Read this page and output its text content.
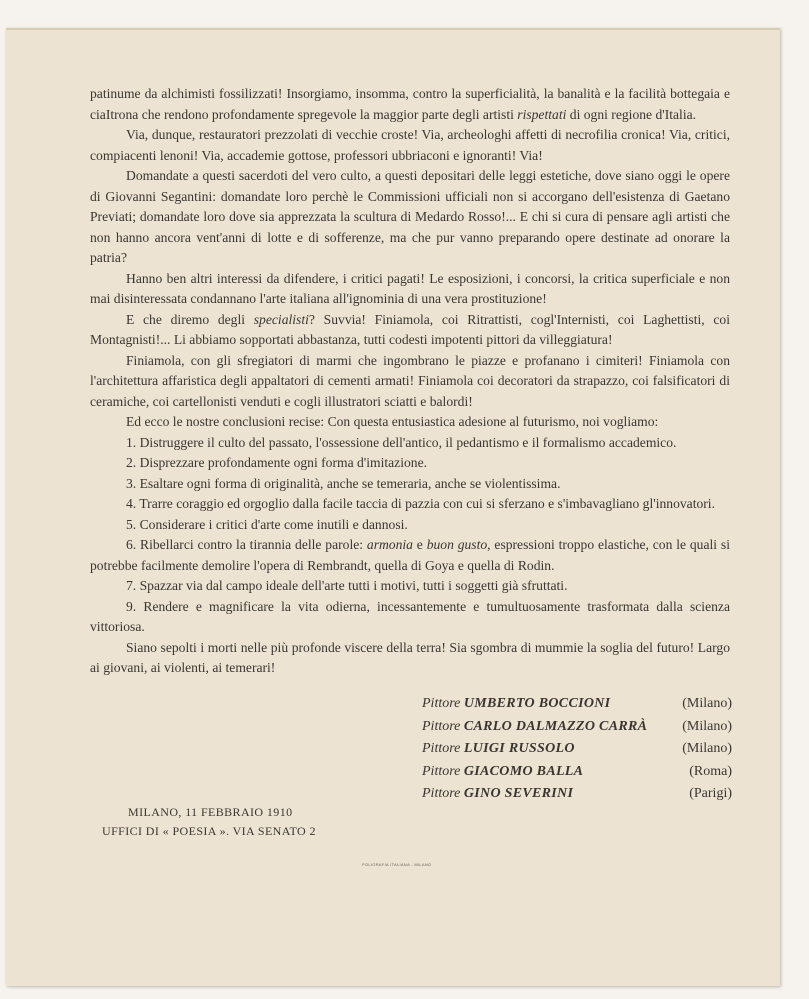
patinume da alchimisti fossilizzati! Insorgiamo, insomma, contro la superficialità, la banalità e la facilità bottegaia e ciaItrona che rendono profondamente spregevole la maggior parte degli artisti rispettati di ogni regione d'Italia.

Via, dunque, restauratori prezzolati di vecchie croste! Via, archeologhi affetti di necrofilia cronica! Via, critici, compiacenti lenoni! Via, accademie gottose, professori ubbriaconi e ignoranti! Via!

Domandate a questi sacerdoti del vero culto, a questi depositari delle leggi estetiche, dove siano oggi le opere di Giovanni Segantini: domandate loro perchè le Commissioni ufficiali non si accorgano dell'esistenza di Gaetano Previati; domandate loro dove sia apprezzata la scultura di Medardo Rosso!... E chi si cura di pensare agli artisti che non hanno ancora vent'anni di lotte e di sofferenze, ma che pur vanno preparando opere destinate ad onorare la patria?

Hanno ben altri interessi da difendere, i critici pagati! Le esposizioni, i concorsi, la critica superficiale e non mai disinteressata condannano l'arte italiana all'ignominia di una vera prostituzione!

E che diremo degli specialisti? Suvvia! Finiamola, coi Ritrattisti, cogl'Internisti, coi Laghettisti, coi Montagnisti!... Li abbiamo sopportati abbastanza, tutti codesti impotenti pittori da villeggiatura!

Finiamola, con gli sfregiatori di marmi che ingombrano le piazze e profanano i cimiteri! Finiamola con l'architettura affaristica degli appaltatori di cementi armati! Finiamola coi decoratori da strapazzo, coi falsificatori di ceramiche, coi cartellonisti venduti e cogli illustratori sciatti e balordi!

Ed ecco le nostre conclusioni recise: Con questa entusiastica adesione al futurismo, noi vogliamo:

1. Distruggere il culto del passato, l'ossessione dell'antico, il pedantismo e il formalismo accademico.
2. Disprezzare profondamente ogni forma d'imitazione.
3. Esaltare ogni forma di originalità, anche se temeraria, anche se violentissima.
4. Trarre coraggio ed orgoglio dalla facile taccia di pazzia con cui si sferzano e s'imbavagliano gl'innovatori.
5. Considerare i critici d'arte come inutili e dannosi.
6. Ribellarci contro la tirannia delle parole: armonia e buon gusto, espressioni troppo elastiche, con le quali si potrebbe facilmente demolire l'opera di Rembrandt, quella di Goya e quella di Rodin.
7. Spazzar via dal campo ideale dell'arte tutti i motivi, tutti i soggetti già sfruttati.
9. Rendere e magnificare la vita odierna, incessantemente e tumultuosamente trasformata dalla scienza vittoriosa.

Siano sepolti i morti nelle più profonde viscere della terra! Sia sgombra di mummie la soglia del futuro! Largo ai giovani, ai violenti, ai temerari!

Pittore UMBERTO BOCCIONI	(Milano)
Pittore CARLO DALMAZZO CARRÀ (Milano)
Pittore LUIGI RUSSOLO	(Milano)
Pittore GIACOMO BALLA	(Roma)
Pittore GINO SEVERINI	(Parigi)
MILANO, 11 FEBBRAIO 1910
UFFICI DI « POESIA ». VIA SENATO 2
POLIGRAFIA ITALIANA - MILANO
